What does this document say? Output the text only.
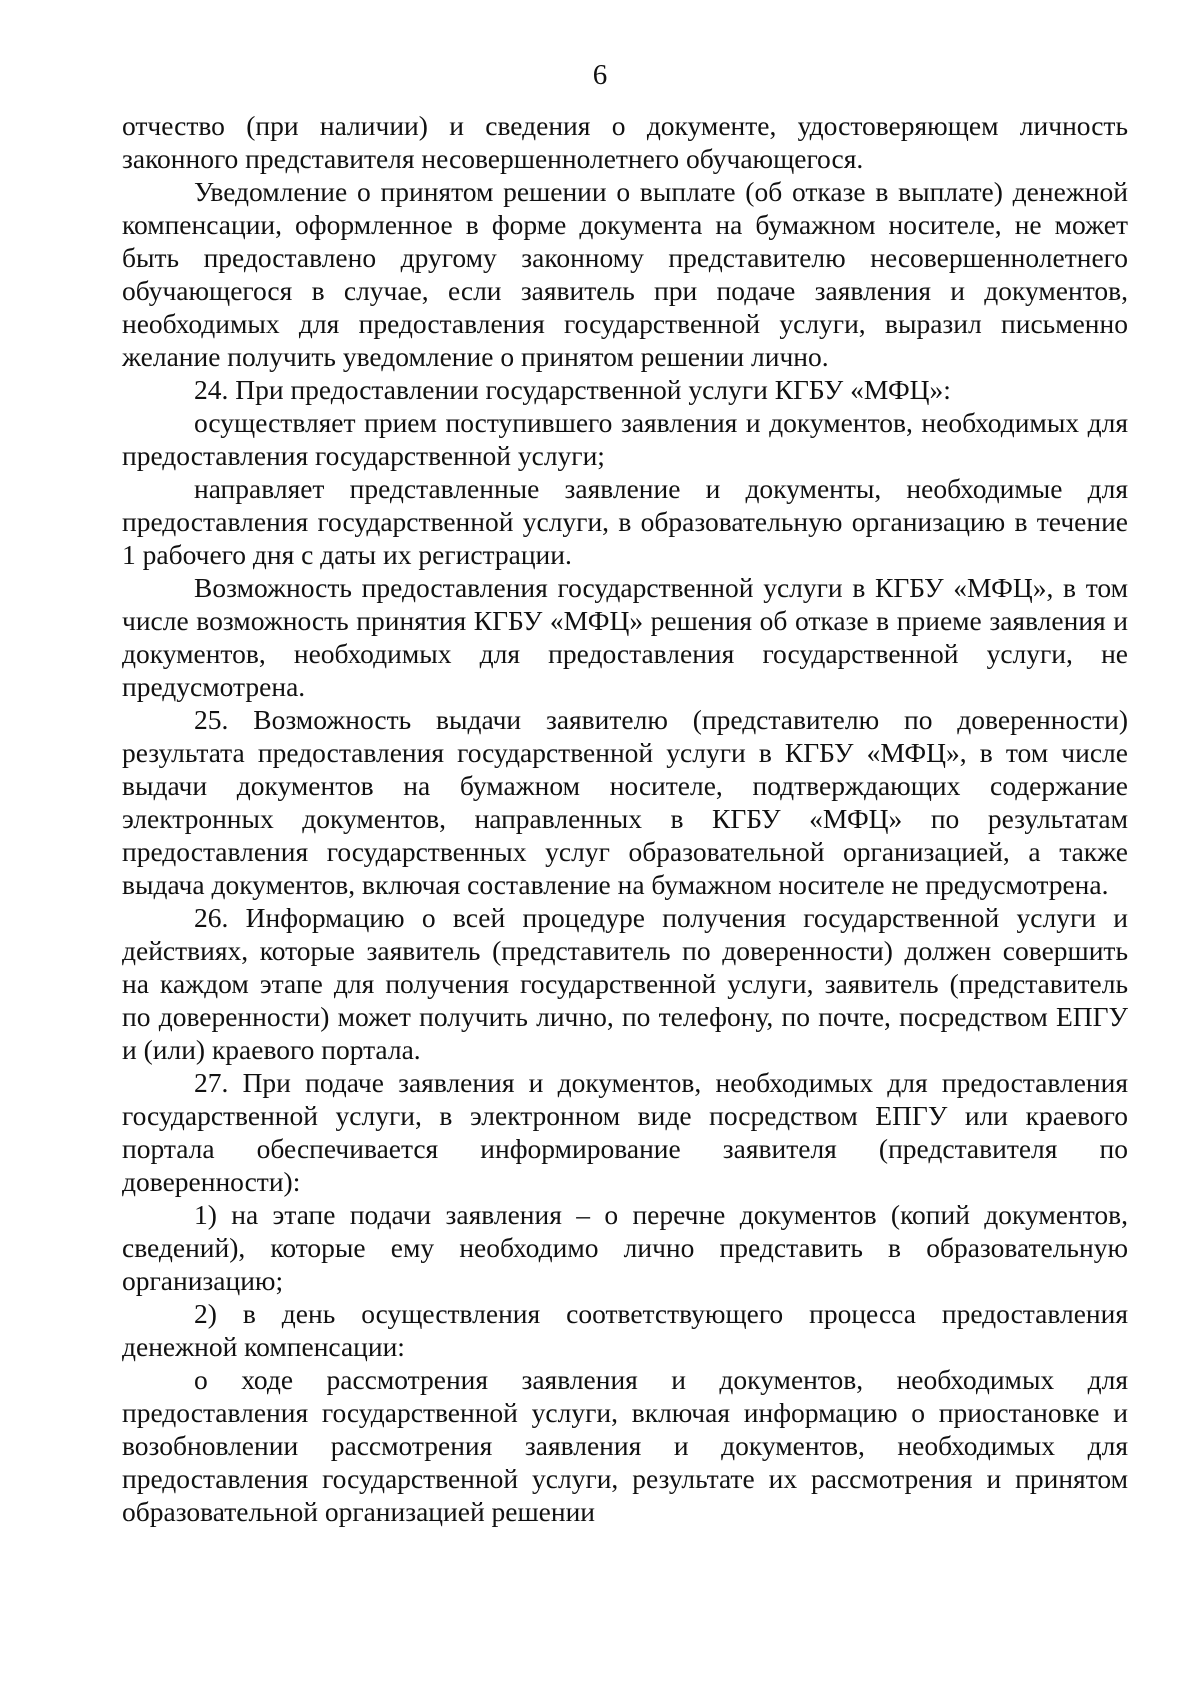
6

отчество (при наличии) и сведения о документе, удостоверяющем личность законного представителя несовершеннолетнего обучающегося.

Уведомление о принятом решении о выплате (об отказе в выплате) денежной компенсации, оформленное в форме документа на бумажном носителе, не может быть предоставлено другому законному представителю несовершеннолетнего обучающегося в случае, если заявитель при подаче заявления и документов, необходимых для предоставления государственной услуги, выразил письменно желание получить уведомление о принятом решении лично.

24. При предоставлении государственной услуги КГБУ «МФЦ»:

осуществляет прием поступившего заявления и документов, необходимых для предоставления государственной услуги;

направляет представленные заявление и документы, необходимые для предоставления государственной услуги, в образовательную организацию в течение 1 рабочего дня с даты их регистрации.

Возможность предоставления государственной услуги в КГБУ «МФЦ», в том числе возможность принятия КГБУ «МФЦ» решения об отказе в приеме заявления и документов, необходимых для предоставления государственной услуги, не предусмотрена.

25. Возможность выдачи заявителю (представителю по доверенности) результата предоставления государственной услуги в КГБУ «МФЦ», в том числе выдачи документов на бумажном носителе, подтверждающих содержание электронных документов, направленных в КГБУ «МФЦ» по результатам предоставления государственных услуг образовательной организацией, а также выдача документов, включая составление на бумажном носителе не предусмотрена.

26. Информацию о всей процедуре получения государственной услуги и действиях, которые заявитель (представитель по доверенности) должен совершить на каждом этапе для получения государственной услуги, заявитель (представитель по доверенности) может получить лично, по телефону, по почте, посредством ЕПГУ и (или) краевого портала.

27. При подаче заявления и документов, необходимых для предоставления государственной услуги, в электронном виде посредством ЕПГУ или краевого портала обеспечивается информирование заявителя (представителя по доверенности):

1) на этапе подачи заявления – о перечне документов (копий документов, сведений), которые ему необходимо лично представить в образовательную организацию;

2) в день осуществления соответствующего процесса предоставления денежной компенсации:

о ходе рассмотрения заявления и документов, необходимых для предоставления государственной услуги, включая информацию о приостановке и возобновлении рассмотрения заявления и документов, необходимых для предоставления государственной услуги, результате их рассмотрения и принятом образовательной организацией решении
